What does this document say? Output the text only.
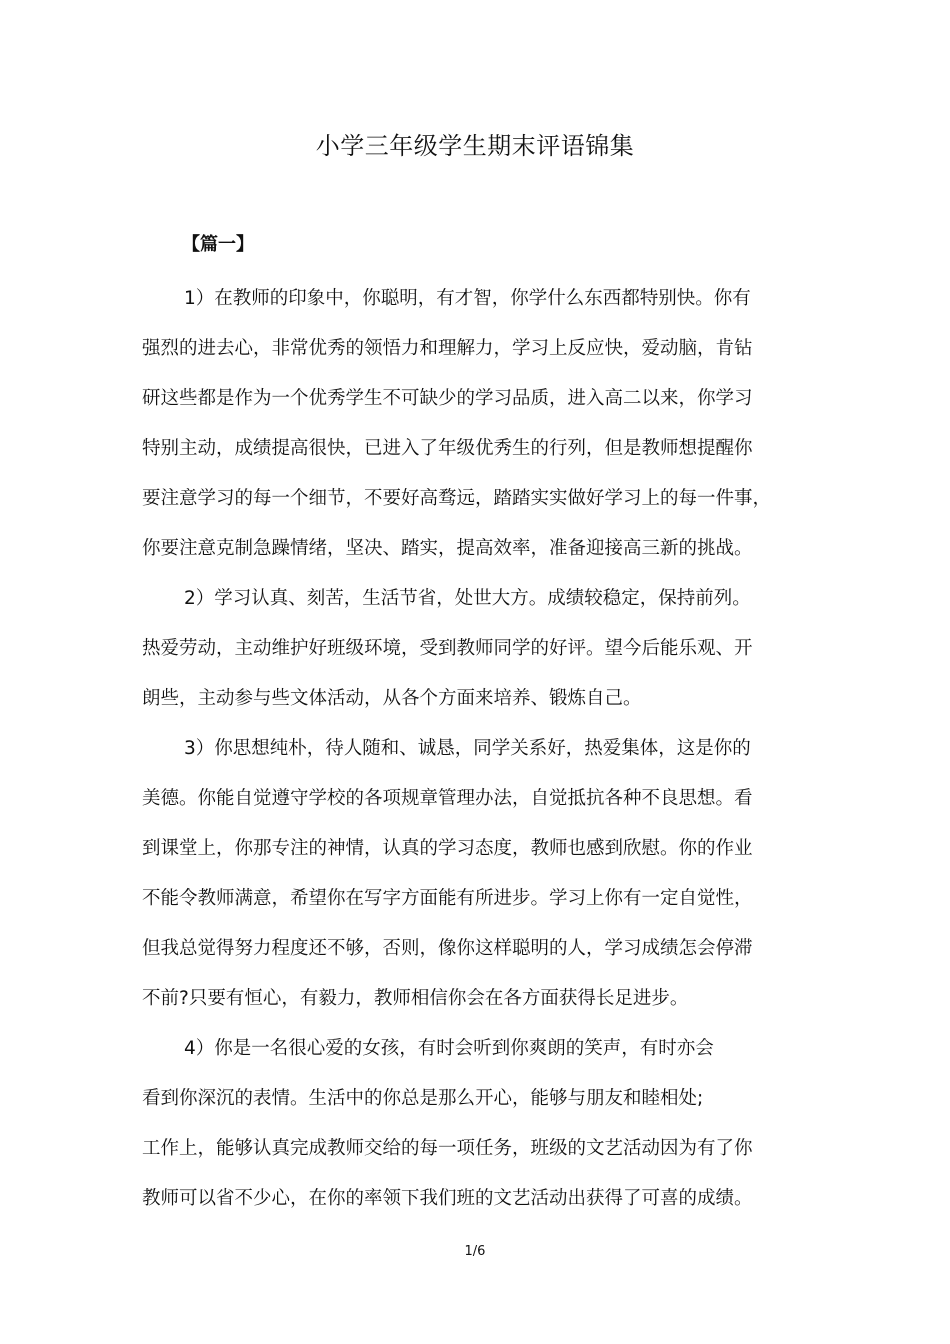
小学三年级学生期末评语锦集
【篇一】
1）在教师的印象中，你聪明，有才智，你学什么东西都特别快。你有
强烈的进去心，非常优秀的领悟力和理解力，学习上反应快，爱动脑，肯钻
研这些都是作为一个优秀学生不可缺少的学习品质，进入高二以来，你学习
特别主动，成绩提高很快，已进入了年级优秀生的行列，但是教师想提醒你
要注意学习的每一个细节，不要好高骛远，踏踏实实做好学习上的每一件事，
你要注意克制急躁情绪，坚决、踏实，提高效率，准备迎接高三新的挑战。
2）学习认真、刻苦，生活节省，处世大方。成绩较稳定，保持前列。
热爱劳动，主动维护好班级环境，受到教师同学的好评。望今后能乐观、开
朗些，主动参与些文体活动，从各个方面来培养、锻炼自己。
3）你思想纯朴，待人随和、诚恳，同学关系好，热爱集体，这是你的
美德。你能自觉遵守学校的各项规章管理办法，自觉抵抗各种不良思想。看
到课堂上，你那专注的神情，认真的学习态度，教师也感到欣慰。你的作业
不能令教师满意，希望你在写字方面能有所进步。学习上你有一定自觉性，
但我总觉得努力程度还不够，否则，像你这样聪明的人，学习成绩怎会停滞
不前?只要有恒心，有毅力，教师相信你会在各方面获得长足进步。
4）你是一名很心爱的女孩，有时会听到你爽朗的笑声，有时亦会
看到你深沉的表情。生活中的你总是那么开心，能够与朋友和睦相处;
工作上，能够认真完成教师交给的每一项任务，班级的文艺活动因为有了你
教师可以省不少心，在你的率领下我们班的文艺活动出获得了可喜的成绩。
1/6
